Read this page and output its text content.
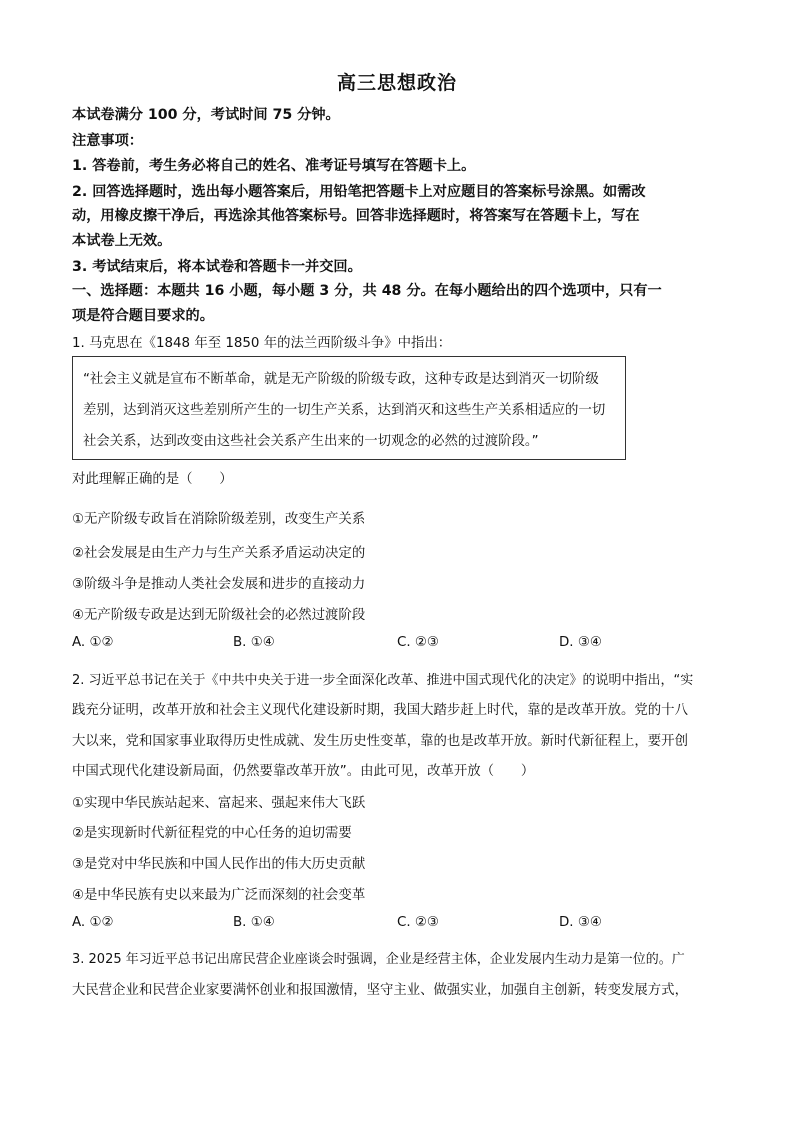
高三思想政治
本试卷满分 100 分，考试时间 75 分钟。
注意事项：
1. 答卷前，考生务必将自己的姓名、准考证号填写在答题卡上。
2. 回答选择题时，选出每小题答案后，用铅笔把答题卡上对应题目的答案标号涂黑。如需改
动，用橡皮擦干净后，再选涂其他答案标号。回答非选择题时，将答案写在答题卡上，写在
本试卷上无效。
3. 考试结束后，将本试卷和答题卡一并交回。
一、选择题：本题共 16 小题，每小题 3 分，共 48 分。在每小题给出的四个选项中，只有一
项是符合题目要求的。
1. 马克思在《1848 年至 1850 年的法兰西阶级斗争》中指出：
“社会主义就是宣布不断革命，就是无产阶级的阶级专政，这种专政是达到消灭一切阶级
差别，达到消灭这些差别所产生的一切生产关系，达到消灭和这些生产关系相适应的一切
社会关系，达到改变由这些社会关系产生出来的一切观念的必然的过渡阶段。”
对此理解正确的是（　　）
①无产阶级专政旨在消除阶级差别，改变生产关系
②社会发展是由生产力与生产关系矛盾运动决定的
③阶级斗争是推动人类社会发展和进步的直接动力
④无产阶级专政是达到无阶级社会的必然过渡阶段
A. ①②	B. ①④	C. ②③	D. ③④
2. 习近平总书记在关于《中共中央关于进一步全面深化改革、推进中国式现代化的决定》的说明中指出，“实
践充分证明，改革开放和社会主义现代化建设新时期，我国大踏步赶上时代，靠的是改革开放。党的十八
大以来，党和国家事业取得历史性成就、发生历史性变革，靠的也是改革开放。新时代新征程上，要开创
中国式现代化建设新局面，仍然要靠改革开放”。由此可见，改革开放（　　）
①实现中华民族站起来、富起来、强起来伟大飞跃
②是实现新时代新征程党的中心任务的迫切需要
③是党对中华民族和中国人民作出的伟大历史贡献
④是中华民族有史以来最为广泛而深刻的社会变革
A. ①②	B. ①④	C. ②③	D. ③④
3. 2025 年习近平总书记出席民营企业座谈会时强调，企业是经营主体，企业发展内生动力是第一位的。广
大民营企业和民营企业家要满怀创业和报国激情，坚守主业、做强实业，加强自主创新，转变发展方式，
